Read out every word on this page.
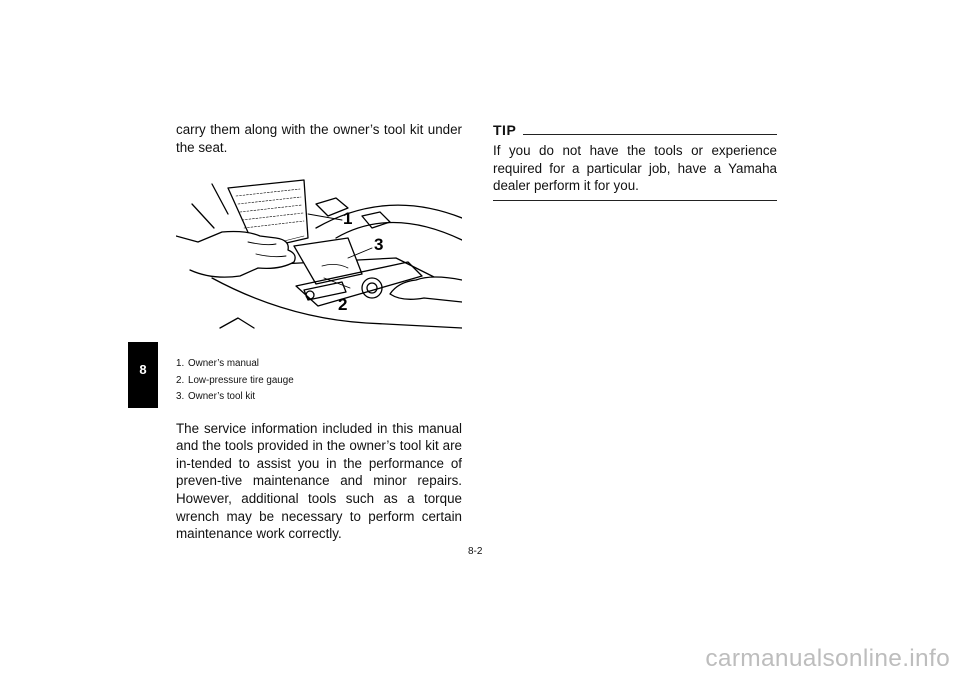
8

carry them along with the owner’s tool kit under the seat.

1
3
2

1. Owner’s manual

2. Low-pressure tire gauge

3. Owner’s tool kit

The service information included in this manual and the tools provided in the owner’s tool kit are in-tended to assist you in the performance of preven-tive maintenance and minor repairs. However, additional tools such as a torque wrench may be necessary to perform certain maintenance work correctly.

TIP

If you do not have the tools or experience required for a particular job, have a Yamaha dealer perform it for you.

8-2
carmanualsonline.info
